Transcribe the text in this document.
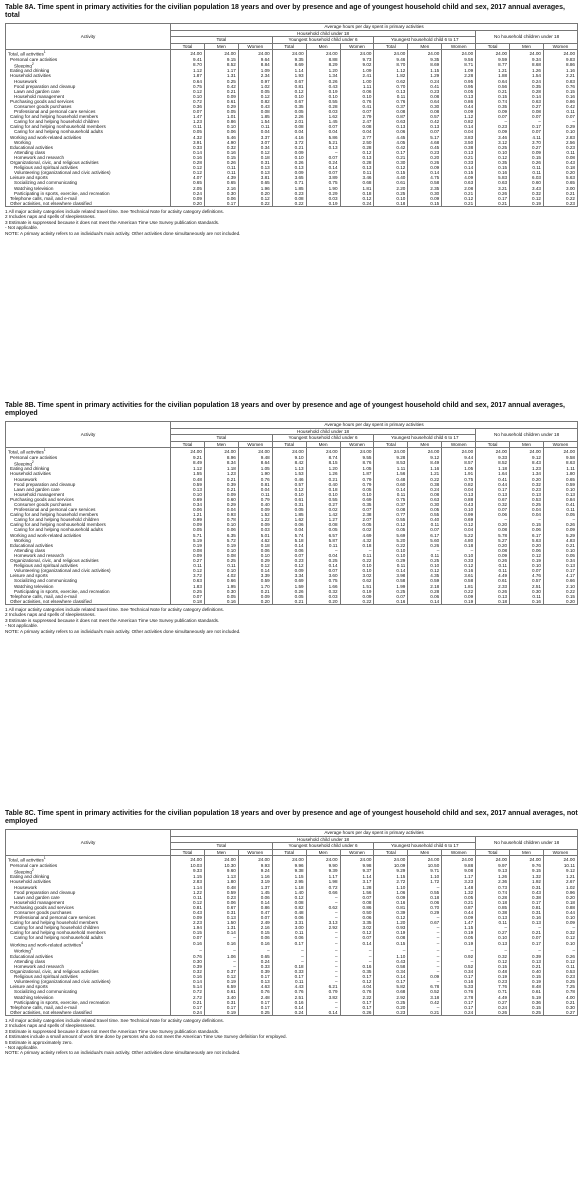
Table 8A. Time spent in primary activities for the civilian population 18 years and over by presence and age of youngest household child and sex, 2017 annual averages, total
Activity	Average hours per day spent in primary activities											
	Household child under 18									No household children under 18		
	Total			Youngest household child under 6			Youngest household child 6 to 17					
	Total	Men	Women	Total	Men	Women	Total	Men	Women	Total	Men	Women
Total, all activities$^1$	24.00	24.00	24.00	24.00	24.00	24.00	24.00	24.00	24.00	24.00	24.00	24.00
Personal care activities	9.41	9.15	9.64	9.35	8.88	9.73	9.46	9.35	9.56	9.59	9.34	9.83
Sleeping$^2$	8.70	8.52	8.84	8.69	8.29	9.02	8.70	8.69	8.71	8.77	8.68	8.86
Eating and drinking	1.12	1.17	1.09	1.14	1.20	1.09	1.12	1.15	1.09	1.21	1.26	1.16
Household activities	1.87	1.31	2.34	1.93	1.34	2.41	1.82	1.29	2.28	1.88	1.54	2.21
Housework	0.64	0.25	0.97	0.67	0.26	1.00	0.62	0.24	0.95	0.64	0.24	0.83
Food preparation and cleanup	0.75	0.42	1.02	0.81	0.43	1.11	0.70	0.41	0.95	0.56	0.35	0.76
Lawn and garden care	0.12	0.21	0.05	0.12	0.19	0.06	0.13	0.23	0.05	0.21	0.28	0.15
Household management	0.10	0.09	0.12	0.10	0.10	0.10	0.11	0.08	0.13	0.15	0.14	0.16
Purchasing goods and services	0.72	0.61	0.82	0.67	0.55	0.76	0.76	0.64	0.86	0.74	0.63	0.86
Consumer goods purchases	0.36	0.29	0.43	0.35	0.28	0.41	0.37	0.30	0.44	0.35	0.27	0.42
Professional and personal care services	0.07	0.05	0.08	0.05	0.03	0.07	0.08	0.08	0.09	0.09	0.08	0.11
Caring for and helping household members	1.47	1.01	1.85	2.26	1.62	2.79	0.87	0.57	1.12	0.07	0.07	0.07
Caring for and helping household children	1.23	0.86	1.54	2.01	1.45	2.47	0.63	0.42	0.82	–	–	–
Caring for and helping nonhousehold members	0.11	0.10	0.11	0.08	0.07	0.08	0.13	0.13	0.14	0.23	0.17	0.29
Caring for and helping nonhousehold adults	0.05	0.06	0.04	0.04	0.04	0.04	0.06	0.07	0.04	0.09	0.07	0.10
Working and work-related activities	4.32	5.46	3.37	4.16	5.86	2.77	4.45	5.17	3.83	3.46	4.11	2.83
Working	3.91	4.90	3.07	3.72	5.21	2.50	4.05	4.68	3.50	3.12	3.70	2.56
Educational activities	0.33	0.32	0.34	0.21	0.13	0.28	0.42	0.45	0.38	0.25	0.27	0.23
Attending class	0.14	0.16	0.12	0.09	–	0.12	0.17	0.23	0.13	0.10	0.09	0.11
Homework and research	0.16	0.15	0.18	0.10	0.07	0.13	0.21	0.20	0.21	0.12	0.15	0.08
Organizational, civic, and religious activities	0.28	0.26	0.31	0.26	0.24	0.28	0.30	0.26	0.33	0.35	0.26	0.43
Religious and spiritual activities	0.12	0.11	0.13	0.13	0.14	0.13	0.12	0.09	0.14	0.15	0.11	0.18
Volunteering (organizational and civic activities)	0.12	0.11	0.13	0.09	0.07	0.11	0.15	0.14	0.15	0.16	0.11	0.20
Leisure and sports	4.07	4.39	3.81	3.65	3.89	3.46	4.40	4.75	4.09	5.83	6.03	5.63
Socializing and communicating	0.65	0.65	0.65	0.71	0.75	0.68	0.61	0.58	0.63	0.63	0.60	0.65
Watching television	2.05	2.16	1.96	1.85	1.90	1.81	2.20	2.35	2.08	3.21	3.43	3.00
Participating in sports, exercise, and recreation	0.24	0.30	0.20	0.23	0.29	0.18	0.25	0.30	0.21	0.26	0.32	0.21
Telephone calls, mail, and e-mail	0.09	0.06	0.12	0.08	0.03	0.12	0.10	0.09	0.12	0.17	0.12	0.22
Other activities, not elsewhere classified	0.20	0.17	0.22	0.22	0.19	0.24	0.18	0.15	0.21	0.21	0.19	0.23
1 All major activity categories include related travel time. See Technical Note for activity category definitions.
2 Includes naps and spells of sleeplessness.
3 Estimate is suppressed because it does not meet the American Time Use Survey publication standards.
- Not applicable.
NOTE: A primary activity refers to an individual's main activity. Other activities done simultaneously are not included.
Table 8B. Time spent in primary activities for the civilian population 18 years and over by presence and age of youngest household child and sex, 2017 annual averages, employed
Activity	Average hours per day spent in primary activities											
	Household child under 18									No household children under 18		
	Total			Youngest household child under 6			Youngest household child 6 to 17					
	Total	Men	Women	Total	Men	Women	Total	Men	Women	Total	Men	Women
Total, all activities$^1$	24.00	24.00	24.00	24.00	24.00	24.00	24.00	24.00	24.00	24.00	24.00	24.00
Personal care activities	9.21	8.96	9.48	9.10	8.74	9.55	9.28	9.12	9.44	9.33	9.12	9.58
Sleeping$^2$	8.49	8.34	8.64	8.42	8.15	8.76	8.53	8.49	8.57	8.52	8.43	8.63
Eating and drinking	1.12	1.18	1.05	1.13	1.20	1.05	1.11	1.16	1.05	1.18	1.23	1.11
Household activities	1.55	1.23	1.90	1.53	1.26	1.87	1.56	1.21	1.91	1.64	1.34	1.80
Housework	0.48	0.21	0.76	0.46	0.21	0.79	0.48	0.22	0.75	0.41	0.20	0.65
Food preparation and cleanup	0.59	0.39	0.81	0.57	0.40	0.79	0.60	0.38	0.82	0.44	0.32	0.59
Lawn and garden care	0.13	0.21	0.04	0.12	0.18	0.05	0.14	0.24	0.04	0.17	0.23	0.10
Household management	0.10	0.09	0.11	0.10	0.10	0.10	0.11	0.08	0.13	0.13	0.13	0.13
Purchasing goods and services	0.69	0.60	0.79	0.61	0.55	0.69	0.75	0.63	0.88	0.67	0.53	0.84
Consumer goods purchases	0.34	0.29	0.40	0.31	0.27	0.35	0.37	0.30	0.43	0.32	0.25	0.41
Professional and personal care services	0.06	0.04	0.09	0.05	0.02	0.07	0.08	0.05	0.10	0.07	0.04	0.11
Caring for and helping household members	1.21	0.93	1.52	1.85	1.42	2.38	0.77	0.55	0.99	0.06	0.04	0.05
Caring for and helping household children	0.99	0.78	1.22	1.62	1.27	2.07	0.55	0.40	0.69	–	–	–
Caring for and helping nonhousehold members	0.09	0.10	0.09	0.06	0.08	0.05	0.12	0.11	0.12	0.20	0.15	0.26
Caring for and helping nonhousehold adults	0.05	0.06	0.03	0.04	0.05	0.02	0.05	0.07	0.04	0.08	0.06	0.09
Working and work-related activities	5.71	6.35	5.01	5.74	6.57	4.69	5.69	6.17	5.22	5.78	6.17	5.29
Working	5.19	5.72	4.62	5.18	5.87	4.32	5.20	5.60	4.80	5.27	5.63	4.83
Educational activities	0.19	0.19	0.18	0.14	0.11	0.18	0.22	0.26	0.18	0.20	0.20	0.21
Attending class	0.08	0.10	0.06	0.06	–	–	0.10	–	–	0.08	0.06	0.10
Homework and research	0.09	0.08	0.10	0.07	0.04	0.11	0.10	0.11	0.10	0.09	0.12	0.05
Organizational, civic, and religious activities	0.27	0.25	0.29	0.23	0.25	0.22	0.29	0.25	0.33	0.26	0.19	0.34
Religious and spiritual activities	0.11	0.11	0.12	0.12	0.14	0.10	0.11	0.10	0.12	0.11	0.10	0.13
Volunteering (organizational and civic activities)	0.12	0.10	0.14	0.09	0.07	0.10	0.14	0.12	0.16	0.11	0.07	0.17
Leisure and sports	3.72	4.02	3.39	3.34	3.60	3.02	3.98	4.35	3.61	4.49	4.76	4.17
Socializing and communicating	0.63	0.66	0.59	0.69	0.75	0.62	0.58	0.59	0.58	0.61	0.57	0.66
Watching television	1.83	1.95	1.70	1.59	1.66	1.51	1.99	2.18	1.81	2.33	2.51	2.10
Participating in sports, exercise, and recreation	0.25	0.30	0.21	0.26	0.32	0.19	0.25	0.28	0.22	0.26	0.30	0.22
Telephone calls, mail, and e-mail	0.07	0.05	0.09	0.05	0.03	0.09	0.07	0.06	0.09	0.13	0.11	0.15
Other activities, not elsewhere classified	0.18	0.16	0.20	0.21	0.20	0.22	0.16	0.14	0.19	0.18	0.16	0.20
1 All major activity categories include related travel time. See Technical Note for activity category definitions.
2 Includes naps and spells of sleeplessness.
3 Estimate is suppressed because it does not meet the American Time Use Survey publication standards.
- Not applicable.
NOTE: A primary activity refers to an individual's main activity. Other activities done simultaneously are not included.
Table 8C. Time spent in primary activities for the civilian population 18 years and over by presence and age of youngest household child and sex, 2017 annual averages, not employed
Activity	Average hours per day spent in primary activities											
	Household child under 18									No household children under 18		
	Total			Youngest household child under 6			Youngest household child 6 to 17					
	Total	Men	Women	Total	Men	Women	Total	Men	Women	Total	Men	Women
Total, all activities$^1$	24.00	24.00	24.00	24.00	24.00	24.00	24.00	24.00	24.00	24.00	24.00	24.00
Personal care activities	10.03	10.30	9.93	9.96	9.90	9.98	10.09	10.50	9.88	9.97	9.76	10.11
Sleeping$^2$	9.33	9.60	9.24	9.38	9.39	9.37	9.29	9.71	9.08	9.13	9.15	9.12
Eating and drinking	1.15	1.13	1.16	1.15	1.17	1.14	1.15	1.10	1.17	1.26	1.32	1.21
Household activities	2.83	1.80	3.19	2.95	1.98	3.17	2.72	1.72	3.23	2.36	1.92	2.67
Housework	1.14	0.48	1.37	1.18	0.72	1.28	1.10	–	1.48	0.73	0.31	1.02
Food preparation and cleanup	1.22	0.59	1.45	1.40	0.66	1.56	1.06	0.55	1.32	0.74	0.43	0.96
Lawn and garden care	0.11	0.23	0.06	0.12	–	0.07	0.09	0.18	0.05	0.28	0.38	0.20
Household management	0.12	0.06	0.14	0.08	–	0.08	0.16	0.06	0.21	0.18	0.17	0.18
Purchasing goods and services	0.81	0.67	0.86	0.82	0.62	0.86	0.81	0.70	0.87	0.85	0.81	0.88
Consumer goods purchases	0.43	0.31	0.47	0.48	–	0.50	0.39	0.29	0.44	0.38	0.31	0.44
Professional and personal care services	0.09	0.13	0.07	0.06	–	0.06	0.12	–	0.09	0.13	0.16	0.10
Caring for and helping household members	2.23	1.50	2.49	3.31	3.13	3.35	1.20	0.67	1.47	0.11	0.13	0.09
Caring for and helping household children	1.94	1.31	2.16	3.00	2.92	3.02	0.93	–	1.15	–	–	–
Caring for and helping nonhousehold members	0.15	0.14	0.15	0.11	–	0.12	0.19	–	0.19	0.27	0.21	0.32
Caring for and helping nonhousehold adults	0.07	–	0.06	0.06	–	0.07	0.08	–	0.05	0.10	0.07	0.12
Working and work-related activities$^4$	0.16	0.16	0.16	0.17	–	0.14	0.15	–	0.19	0.13	0.17	0.10
Working$^4$	–	–	–	–	–	–	–	–	–	–	–	–
Educational activities	0.76	1.06	0.65	–	–	–	1.10	–	0.92	0.32	0.39	0.26
Attending class	0.30	–	0.24	–	–	–	0.43	–	–	0.12	0.13	0.12
Homework and research	0.39	–	0.33	0.18	–	0.16	0.58	–	0.52	0.15	0.21	0.11
Organizational, civic, and religious activities	0.32	0.37	0.39	0.33	–	0.35	0.34	–	0.34	0.48	0.40	0.53
Religious and spiritual activities	0.16	0.12	0.17	0.17	–	0.17	0.14	0.09	0.17	0.19	0.15	0.23
Volunteering (organizational and civic activities)	0.14	0.19	0.13	0.11	–	0.12	0.17	–	0.16	0.23	0.19	0.25
Leisure and sports	5.14	6.59	4.63	4.43	6.21	4.04	5.82	6.78	5.33	7.76	8.48	7.25
Socializing and communicating	0.72	0.61	0.76	0.76	0.79	0.76	0.68	0.52	0.76	0.71	0.61	0.78
Watching television	2.72	3.40	2.48	2.51	3.82	2.22	2.92	3.18	2.78	4.49	5.19	4.00
Participating in sports, exercise, and recreation	0.21	0.31	0.17	0.16	–	0.17	0.25	0.42	0.17	0.27	0.36	0.21
Telephone calls, mail, and e-mail	0.17	0.17	0.17	0.14	–	0.17	0.20	–	0.17	0.24	0.15	0.30
Other activities, not elsewhere classified	0.24	0.19	0.25	0.24	0.14	0.26	0.23	0.21	0.24	0.26	0.25	0.27
1 All major activity categories include related travel time. See Technical Note for activity category definitions.
2 Includes naps and spells of sleeplessness.
3 Estimate is suppressed because it does not meet the American Time Use Survey publication standards.
4 Estimates include a small amount of work time done by persons who do not meet the American Time Use Survey definition for employed.
5 Estimate is approximately zero.
- Not applicable.
NOTE: A primary activity refers to an individual's main activity. Other activities done simultaneously are not included.
